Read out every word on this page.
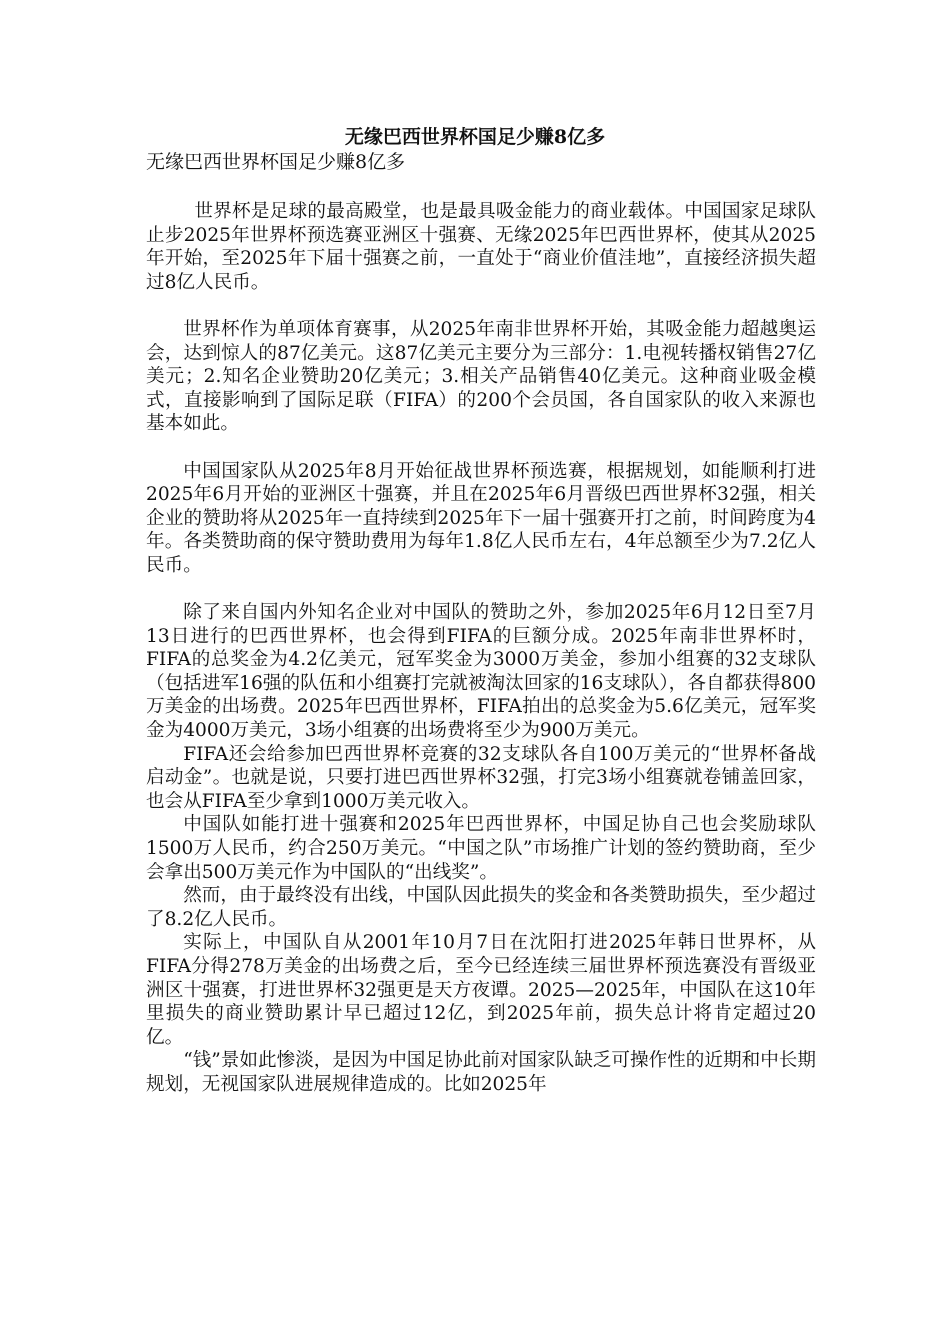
无缘巴西世界杯国足少赚8亿多

无缘巴西世界杯国足少赚8亿多

世界杯是足球的最高殿堂，也是最具吸金能力的商业载体。中国国家足球队止步2025年世界杯预选赛亚洲区十强赛、无缘2025年巴西世界杯，使其从2025年开始，至2025年下届十强赛之前，一直处于“商业价值洼地”，直接经济损失超过8亿人民币。

世界杯作为单项体育赛事，从2025年南非世界杯开始，其吸金能力超越奥运会，达到惊人的87亿美元。这87亿美元主要分为三部分：1.电视转播权销售27亿美元；2.知名企业赞助20亿美元；3.相关产品销售40亿美元。这种商业吸金模式，直接影响到了国际足联（FIFA）的200个会员国，各自国家队的收入来源也基本如此。

中国国家队从2025年8月开始征战世界杯预选赛，根据规划，如能顺利打进2025年6月开始的亚洲区十强赛，并且在2025年6月晋级巴西世界杯32强，相关企业的赞助将从2025年一直持续到2025年下一届十强赛开打之前，时间跨度为4年。各类赞助商的保守赞助费用为每年1.8亿人民币左右，4年总额至少为7.2亿人民币。

除了来自国内外知名企业对中国队的赞助之外，参加2025年6月12日至7月13日进行的巴西世界杯，也会得到FIFA的巨额分成。2025年南非世界杯时，FIFA的总奖金为4.2亿美元，冠军奖金为3000万美金，参加小组赛的32支球队（包括进军16强的队伍和小组赛打完就被淘汰回家的16支球队），各自都获得800万美金的出场费。2025年巴西世界杯，FIFA拍出的总奖金为5.6亿美元，冠军奖金为4000万美元，3场小组赛的出场费将至少为900万美元。

FIFA还会给参加巴西世界杯竞赛的32支球队各自100万美元的“世界杯备战启动金”。也就是说，只要打进巴西世界杯32强，打完3场小组赛就卷铺盖回家，也会从FIFA至少拿到1000万美元收入。

中国队如能打进十强赛和2025年巴西世界杯，中国足协自己也会奖励球队1500万人民币，约合250万美元。“中国之队”市场推广计划的签约赞助商，至少会拿出500万美元作为中国队的“出线奖”。

然而，由于最终没有出线，中国队因此损失的奖金和各类赞助损失，至少超过了8.2亿人民币。

实际上，中国队自从2001年10月7日在沈阳打进2025年韩日世界杯，从FIFA分得278万美金的出场费之后，至今已经连续三届世界杯预选赛没有晋级亚洲区十强赛，打进世界杯32强更是天方夜谭。2025—2025年，中国队在这10年里损失的商业赞助累计早已超过12亿，到2025年前，损失总计将肯定超过20亿。

“钱”景如此惨淡，是因为中国足协此前对国家队缺乏可操作性的近期和中长期规划，无视国家队进展规律造成的。比如2025年
